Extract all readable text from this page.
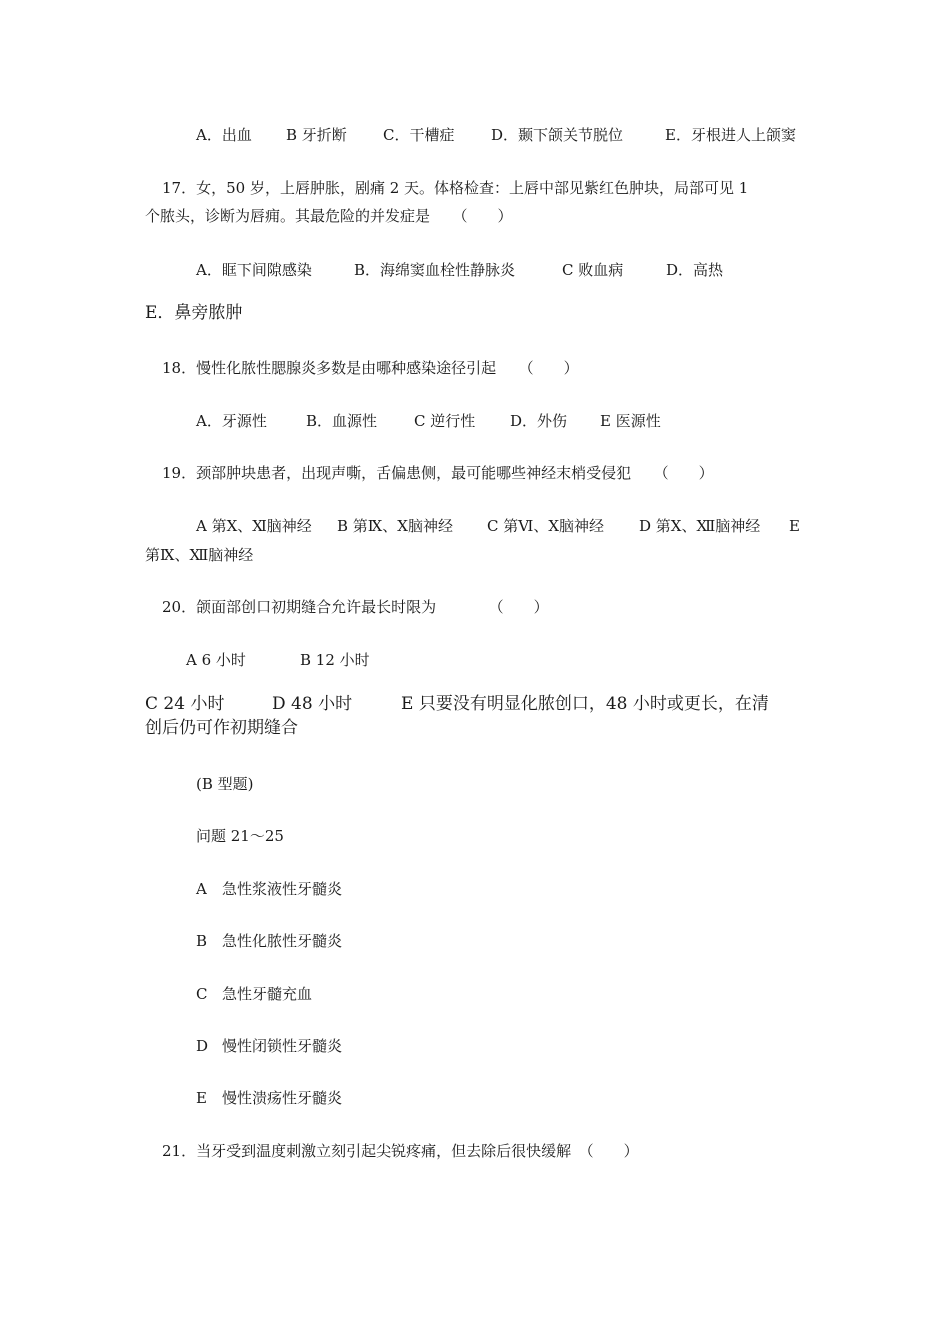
A．出血 B 牙折断 C．干槽症 D．颞下颌关节脱位	E．牙根进人上颌窦
17．女，50 岁，上唇肿胀，剧痛 2 天。体格检查：上唇中部见紫红色肿块，局部可见 1
个脓头，诊断为唇痈。其最危险的并发症是　　（　　）
A．眶下间隙感染	B．海绵窦血栓性静脉炎	C 败血病	D．高热
E．鼻旁脓肿
18．慢性化脓性腮腺炎多数是由哪种感染途径引起　　（　　）
A．牙源性	B．血源性 C 逆行性 D．外伤 E 医源性
19．颈部肿块患者，出现声嘶，舌偏患侧，最可能哪些神经末梢受侵犯　　（　　）
A 第Ⅹ、Ⅺ脑神经 B 第Ⅸ、Ⅹ脑神经 C 第Ⅵ、Ⅹ脑神经 D 第Ⅹ、Ⅻ脑神经 E
第Ⅸ、Ⅻ脑神经
20．颌面部创口初期缝合允许最长时限为　　　　（　　）
A 6 小时	B 12 小时
C 24 小时	D 48 小时	E 只要没有明显化脓创口，48 小时或更长，在清
创后仍可作初期缝合
(B 型题)
问题 21～25
A 急性浆液性牙髓炎
B 急性化脓性牙髓炎
C 急性牙髓充血
D 慢性闭锁性牙髓炎
E 慢性溃疡性牙髓炎
21．当牙受到温度刺激立刻引起尖锐疼痛，但去除后很快缓解　（　　）
